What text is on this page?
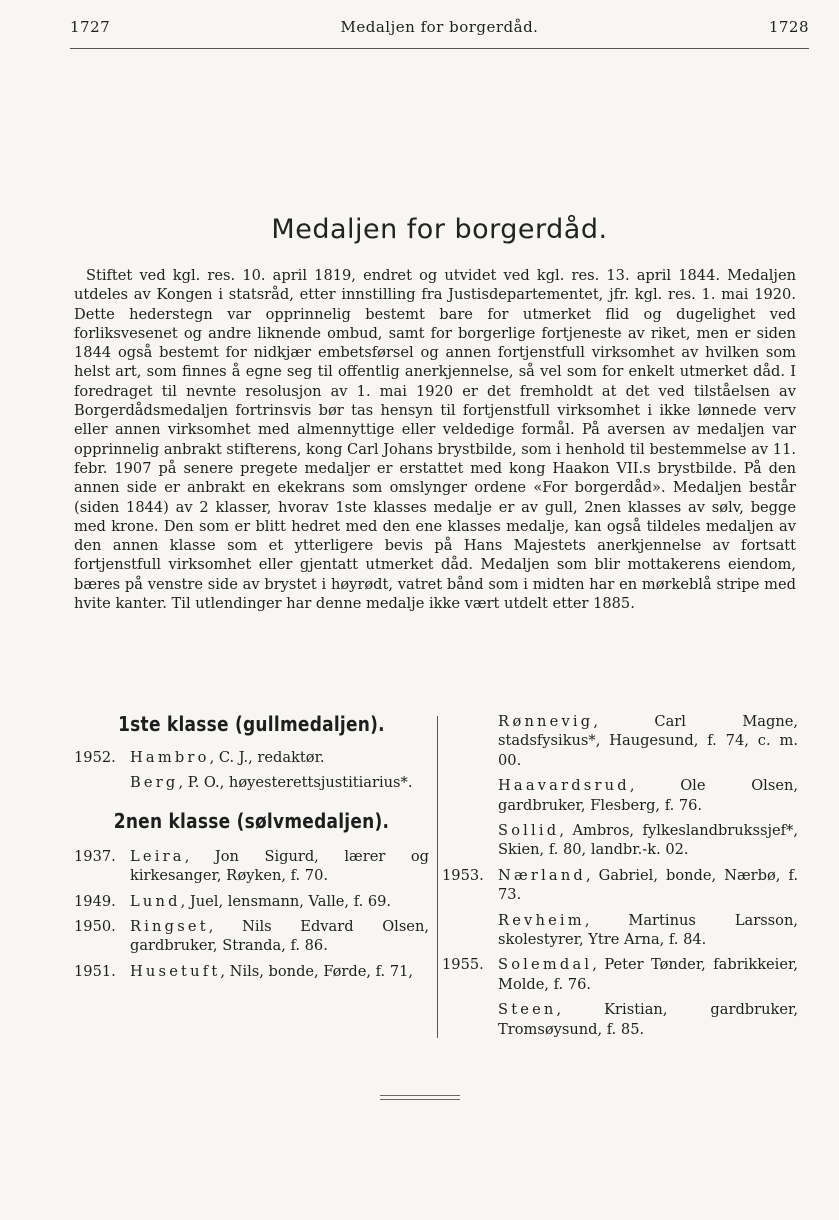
1727	Medaljen for borgerdåd.	1728
Medaljen for borgerdåd.

Stiftet ved kgl. res. 10. april 1819, endret og utvidet ved kgl. res. 13. april 1844. Medaljen utdeles av Kongen i statsråd, etter innstilling fra Justisdepartementet, jfr. kgl. res. 1. mai 1920. Dette hederstegn var opprinnelig bestemt bare for utmerket flid og dugelighet ved forliksvesenet og andre liknende ombud, samt for borgerlige fortjeneste av riket, men er siden 1844 også bestemt for nidkjær embetsførsel og annen fortjenstfull virksomhet av hvilken som helst art, som finnes å egne seg til offentlig anerkjennelse, så vel som for enkelt utmerket dåd. I foredraget til nevnte resolusjon av 1. mai 1920 er det fremholdt at det ved tilståelsen av Borgerdådsmedaljen fortrinsvis bør tas hensyn til fortjenstfull virksomhet i ikke lønnede verv eller annen virksomhet med almennyttige eller veldedige formål. På aversen av medaljen var opprinnelig anbrakt stifterens, kong Carl Johans brystbilde, som i henhold til bestemmelse av 11. febr. 1907 på senere pregete medaljer er erstattet med kong Haakon VII.s brystbilde. På den annen side er anbrakt en ekekrans som omslynger ordene «For borgerdåd». Medaljen består (siden 1844) av 2 klasser, hvorav 1ste klasses medalje er av gull, 2nen klasses av sølv, begge med krone. Den som er blitt hedret med den ene klasses medalje, kan også tildeles medaljen av den annen klasse som et ytterligere bevis på Hans Majestets anerkjennelse av fortsatt fortjenstfull virksomhet eller gjentatt utmerket dåd. Medaljen som blir mottakerens eiendom, bæres på venstre side av brystet i høyrødt, vatret bånd som i midten har en mørkeblå stripe med hvite kanter. Til utlendinger har denne medalje ikke vært utdelt etter 1885.

1ste klasse (gullmedaljen).
1952. Hambro, C. J., redaktør.
Berg, P. O., høyesterettsjustitiarius*.
2nen klasse (sølvmedaljen).
1937. Leira, Jon Sigurd, lærer og kirkesanger, Røyken, f. 70.
1949. Lund, Juel, lensmann, Valle, f. 69.
1950. Ringset, Nils Edvard Olsen, gardbruker, Stranda, f. 86.
1951. Husetuft, Nils, bonde, Førde, f. 71,
Rønnevig, Carl Magne, stadsfysikus*, Haugesund, f. 74, c. m. 00.
Haavardsrud, Ole Olsen, gardbruker, Flesberg, f. 76.
Sollid, Ambros, fylkeslandbrukssjef*, Skien, f. 80, landbr.-k. 02.
1953. Nærland, Gabriel, bonde, Nærbø, f. 73.
Revheim, Martinus Larsson, skolestyrer, Ytre Arna, f. 84.
1955. Solemdal, Peter Tønder, fabrikkeier, Molde, f. 76.
Steen, Kristian, gardbruker, Tromsøysund, f. 85.
